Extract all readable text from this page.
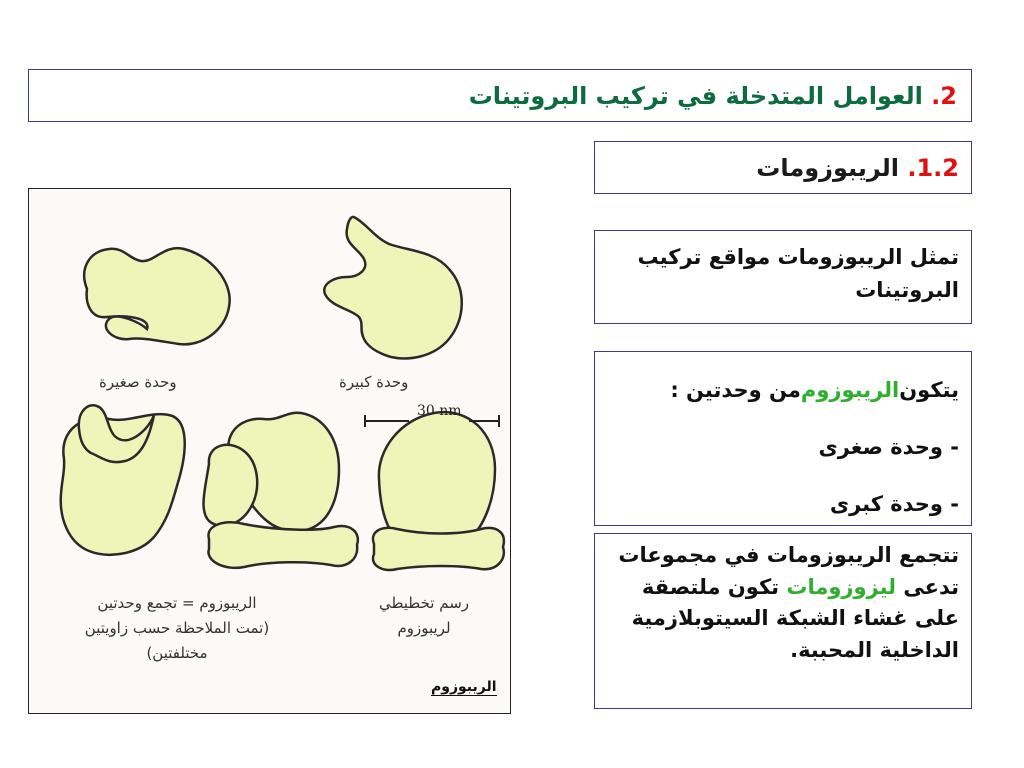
2.

العوامل المتدخلة في تركيب البروتينات
1.2.

الريبوزومات
تمثل الريبوزومات مواقع تركيب البروتينات
يتكون
الريبوزوم
من وحدتين :
- وحدة صغرى
- وحدة كبرى
تتجمع الريبوزومات في مجموعات تدعى ليزوزومات تكون ملتصقة على غشاء الشبكة السيتوبلازمية الداخلية المحببة.
وحدة صغيرة	وحدة كبيرة
30 nm
الريبوزوم = تجمع وحدتين
(تمت الملاحظة حسب زاويتين
مختلفتين)
رسم تخطيطي
لريبوزوم
الريبوزوم
